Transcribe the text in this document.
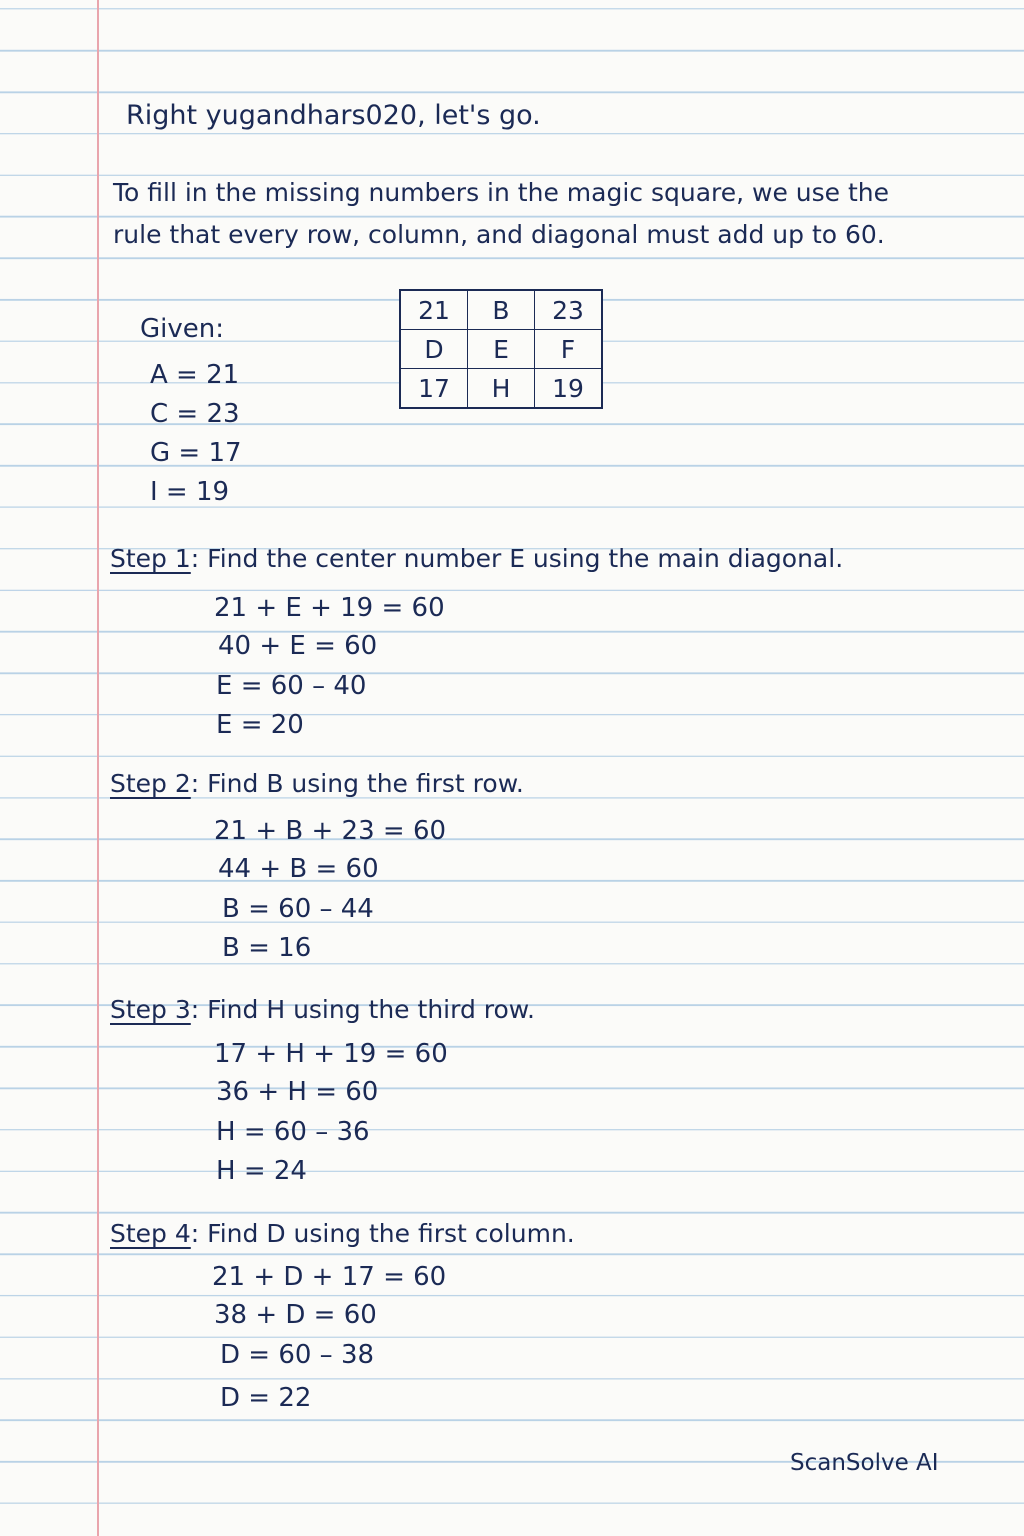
Right yugandhars020, let's go.
To fill in the missing numbers in the magic square, we use the
rule that every row, column, and diagonal must add up to 60.
Given:
A = 21
C = 23
G = 17
I = 19
21	B	23
D	E	F
17	H	19
Step 1: Find the center number E using the main diagonal.
21 + E + 19 = 60
40 + E = 60
E = 60 – 40
E = 20
Step 2: Find B using the first row.
21 + B + 23 = 60
44 + B = 60
B = 60 – 44
B = 16
Step 3: Find H using the third row.
17 + H + 19 = 60
36 + H = 60
H = 60 – 36
H = 24
Step 4: Find D using the first column.
21 + D + 17 = 60
38 + D = 60
D = 60 – 38
D = 22
ScanSolve AI
